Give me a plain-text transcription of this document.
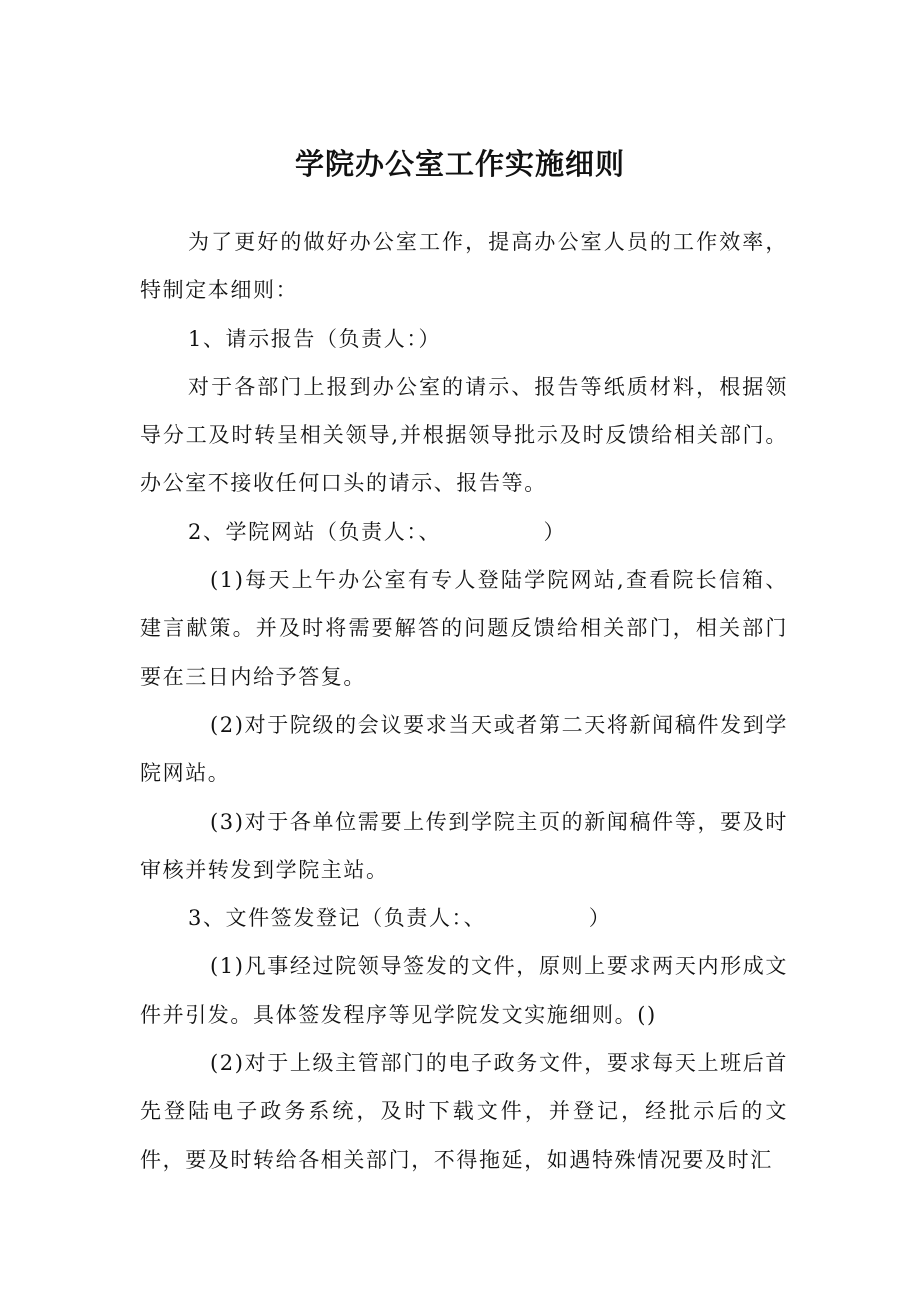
学院办公室工作实施细则

为了更好的做好办公室工作，提高办公室人员的工作效率，特制定本细则：

1、请示报告（负责人：）

对于各部门上报到办公室的请示、报告等纸质材料，根据领导分工及时转呈相关领导,并根据领导批示及时反馈给相关部门。办公室不接收任何口头的请示、报告等。

2、学院网站（负责人：、　　　　　）

(1)每天上午办公室有专人登陆学院网站,查看院长信箱、建言献策。并及时将需要解答的问题反馈给相关部门，相关部门要在三日内给予答复。

(2)对于院级的会议要求当天或者第二天将新闻稿件发到学院网站。

(3)对于各单位需要上传到学院主页的新闻稿件等，要及时审核并转发到学院主站。

3、文件签发登记（负责人：、　　　　　）

(1)凡事经过院领导签发的文件，原则上要求两天内形成文件并引发。具体签发程序等见学院发文实施细则。()

(2)对于上级主管部门的电子政务文件，要求每天上班后首先登陆电子政务系统，及时下载文件，并登记，经批示后的文件，要及时转给各相关部门，不得拖延，如遇特殊情况要及时汇
